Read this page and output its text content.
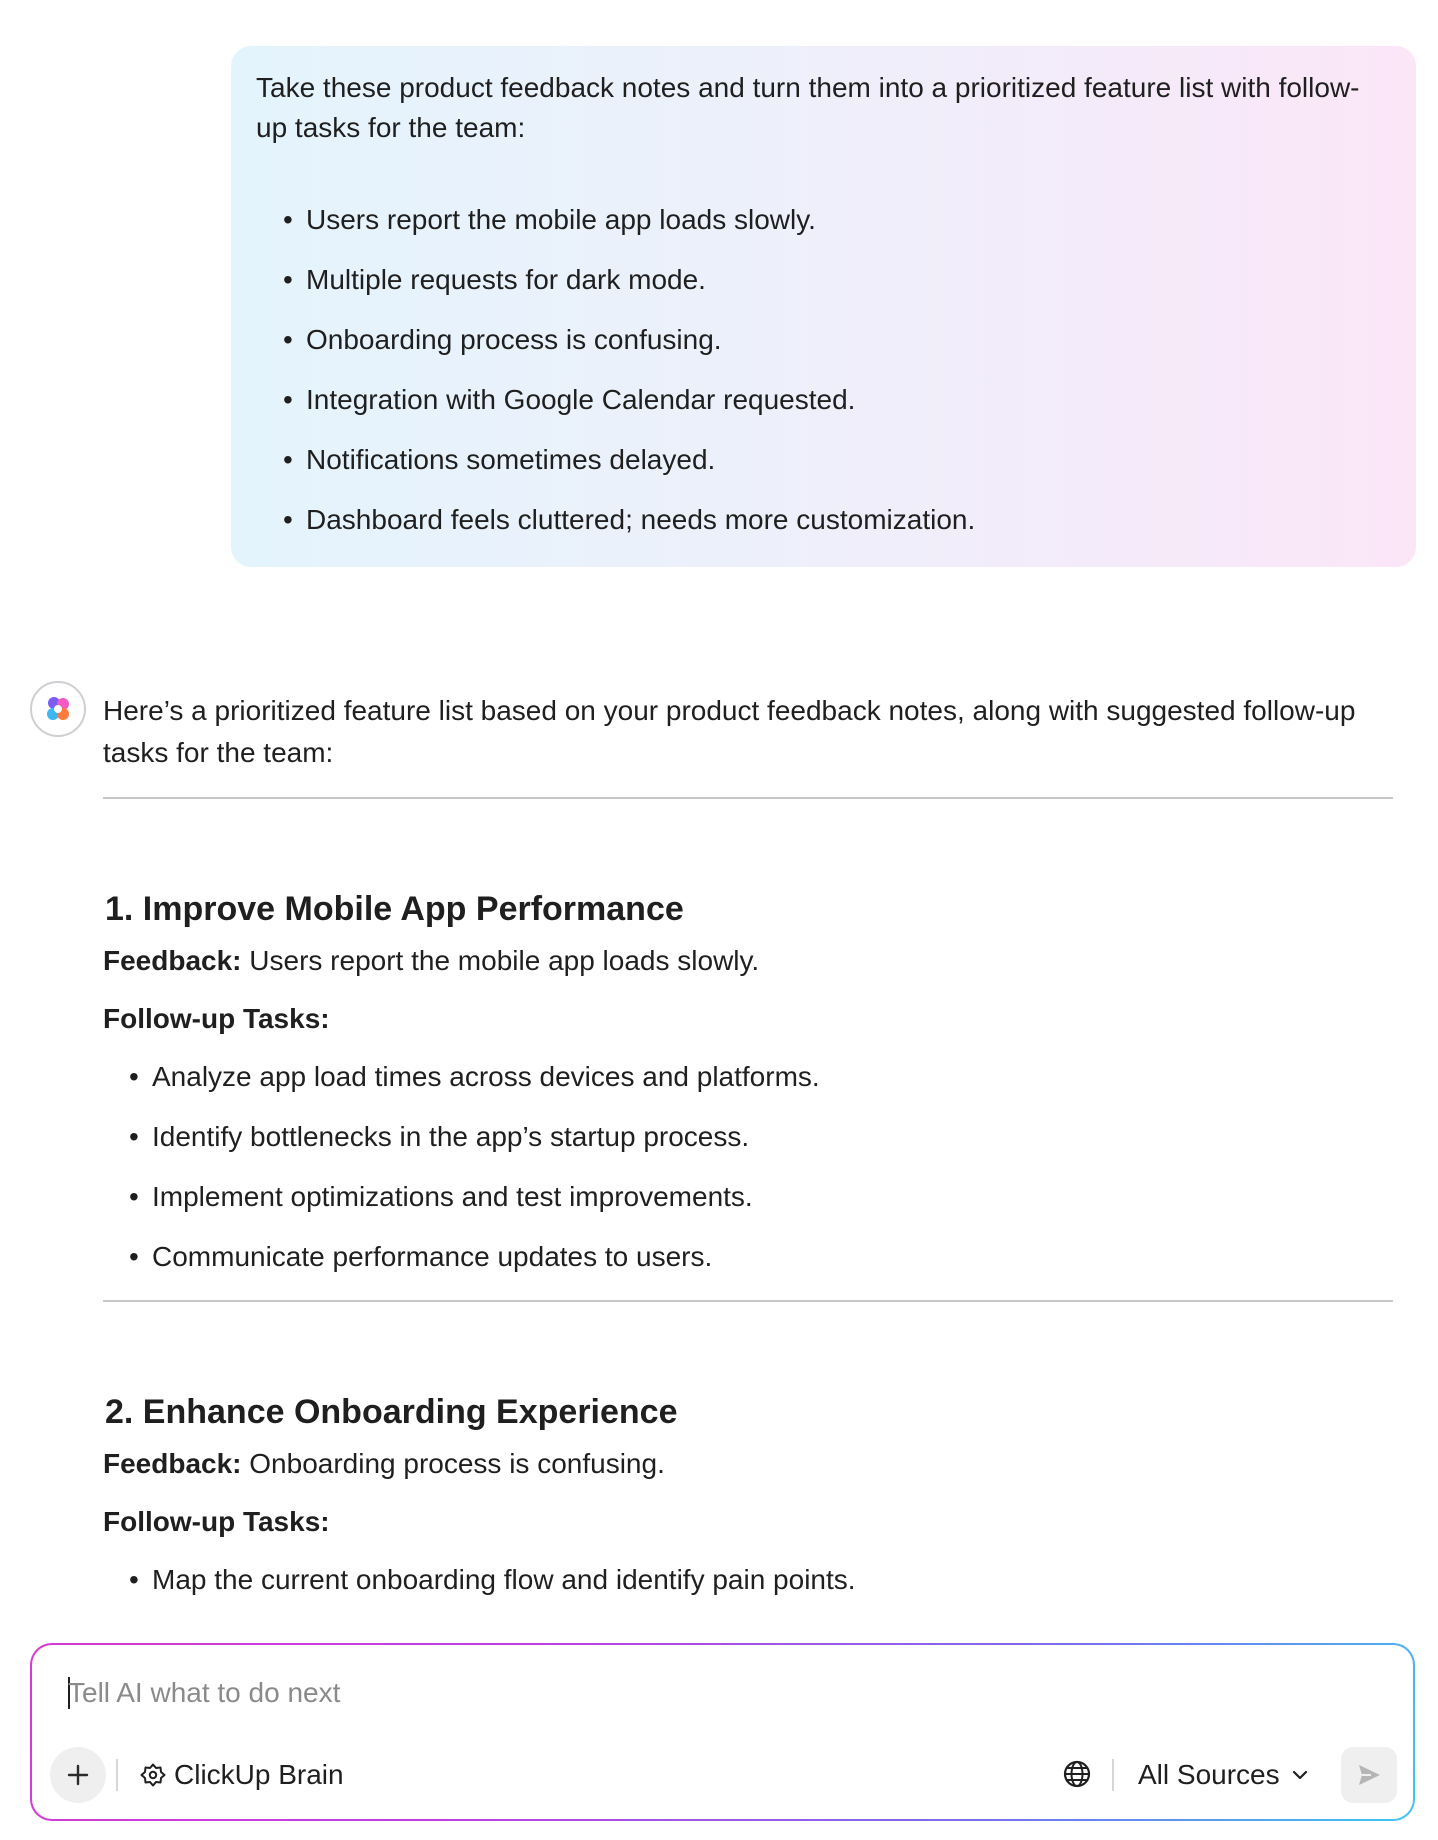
Take these product feedback notes and turn them into a prioritized feature list with follow-up tasks for the team:

• Users report the mobile app loads slowly.
• Multiple requests for dark mode.
• Onboarding process is confusing.
• Integration with Google Calendar requested.
• Notifications sometimes delayed.
• Dashboard feels cluttered; needs more customization.

Here’s a prioritized feature list based on your product feedback notes, along with suggested follow-up tasks for the team:

1. Improve Mobile App Performance

Feedback: Users report the mobile app loads slowly.

Follow-up Tasks:

• Analyze app load times across devices and platforms.
• Identify bottlenecks in the app’s startup process.
• Implement optimizations and test improvements.
• Communicate performance updates to users.
2. Enhance Onboarding Experience

Feedback: Onboarding process is confusing.

Follow-up Tasks:

• Map the current onboarding flow and identify pain points.
Tell AI what to do next
ClickUp Brain	All Sources
